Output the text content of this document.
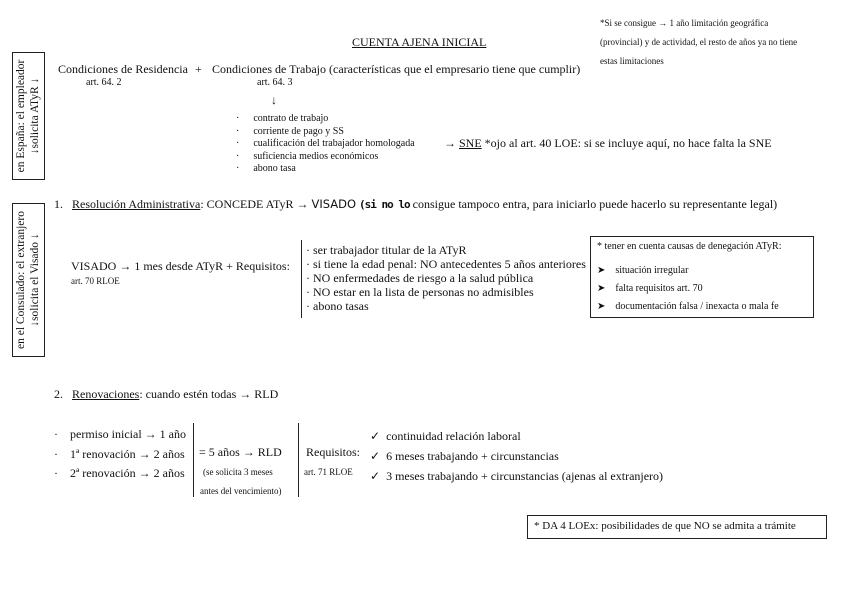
*Si se consigue → 1 año limitación geográfica
(provincial) y de actividad, el resto de años ya no tiene
estas limitaciones
CUENTA AJENA INICIAL
en España: el empleador ↓solicita ATyR ↓
Condiciones de Residencia +
art. 64. 2
Condiciones de Trabajo (características que el empresario tiene que cumplir)
art. 64. 3
↓
· contrato de trabajo
· corriente de pago y SS
· cualificación del trabajador homologada
· suficiencia medios económicos
· abono tasa
→ SNE *ojo al art. 40 LOE: si se incluye aquí, no hace falta la SNE
en el Consulado: el extranjero ↓solicita el Visado ↓
1. Resolución Administrativa: CONCEDE ATyR → VISADO (si no lo consigue tampoco entra, para iniciarlo puede hacerlo su representante legal)
VISADO → 1 mes desde ATyR + Requisitos:
art. 70 RLOE
· ser trabajador titular de la ATyR
· si tiene la edad penal: NO antecedentes 5 años anteriores
· NO enfermedades de riesgo a la salud pública
· NO estar en la lista de personas no admisibles
· abono tasas
* tener en cuenta causas de denegación ATyR:
➤ situación irregular
➤ falta requisitos art. 70
➤ documentación falsa / inexacta o mala fe
2. Renovaciones: cuando estén todas → RLD
· permiso inicial → 1 año
· 1ª renovación → 2 años
· 2ª renovación → 2 años
= 5 años → RLD
(se solicita 3 meses
antes del vencimiento)
Requisitos:
art. 71 RLOE
✓ continuidad relación laboral
✓ 6 meses trabajando + circunstancias
✓ 3 meses trabajando + circunstancias (ajenas al extranjero)
* DA 4 LOEx: posibilidades de que NO se admita a trámite
